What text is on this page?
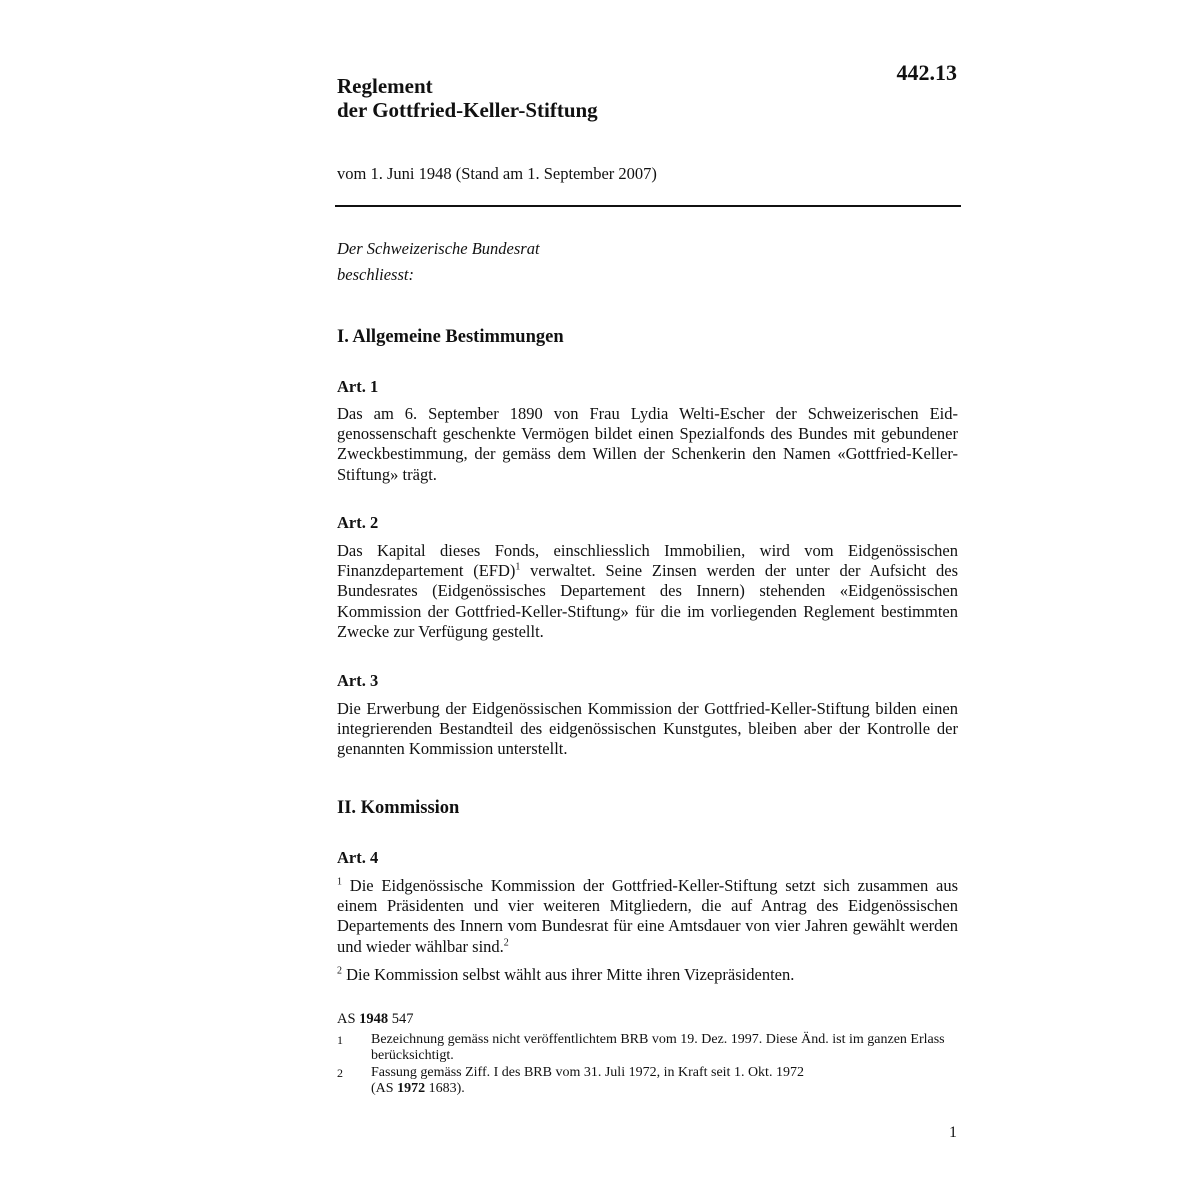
442.13
Reglement
der Gottfried-Keller-Stiftung
vom 1. Juni 1948 (Stand am 1. September 2007)
Der Schweizerische Bundesrat
beschliesst:
I. Allgemeine Bestimmungen
Art. 1
Das am 6. September 1890 von Frau Lydia Welti-Escher der Schweizerischen Eidgenossenschaft geschenkte Vermögen bildet einen Spezialfonds des Bundes mit gebundener Zweckbestimmung, der gemäss dem Willen der Schenkerin den Namen «Gottfried-Keller-Stiftung» trägt.
Art. 2
Das Kapital dieses Fonds, einschliesslich Immobilien, wird vom Eidgenössischen Finanzdepartement (EFD)$^1$ verwaltet. Seine Zinsen werden der unter der Aufsicht des Bundesrates (Eidgenössisches Departement des Innern) stehenden «Eidgenössischen Kommission der Gottfried-Keller-Stiftung» für die im vorliegenden Reglement bestimmten Zwecke zur Verfügung gestellt.
Art. 3
Die Erwerbung der Eidgenössischen Kommission der Gottfried-Keller-Stiftung bilden einen integrierenden Bestandteil des eidgenössischen Kunstgutes, bleiben aber der Kontrolle der genannten Kommission unterstellt.
II. Kommission
Art. 4
$^1$ Die Eidgenössische Kommission der Gottfried-Keller-Stiftung setzt sich zusammen aus einem Präsidenten und vier weiteren Mitgliedern, die auf Antrag des Eidgenössischen Departements des Innern vom Bundesrat für eine Amtsdauer von vier Jahren gewählt werden und wieder wählbar sind.$^2$
$^2$ Die Kommission selbst wählt aus ihrer Mitte ihren Vizepräsidenten.
AS 1948 547
1 Bezeichnung gemäss nicht veröffentlichtem BRB vom 19. Dez. 1997. Diese Änd. ist im ganzen Erlass berücksichtigt.
2 Fassung gemäss Ziff. I des BRB vom 31. Juli 1972, in Kraft seit 1. Okt. 1972
(AS 1972 1683).
1
